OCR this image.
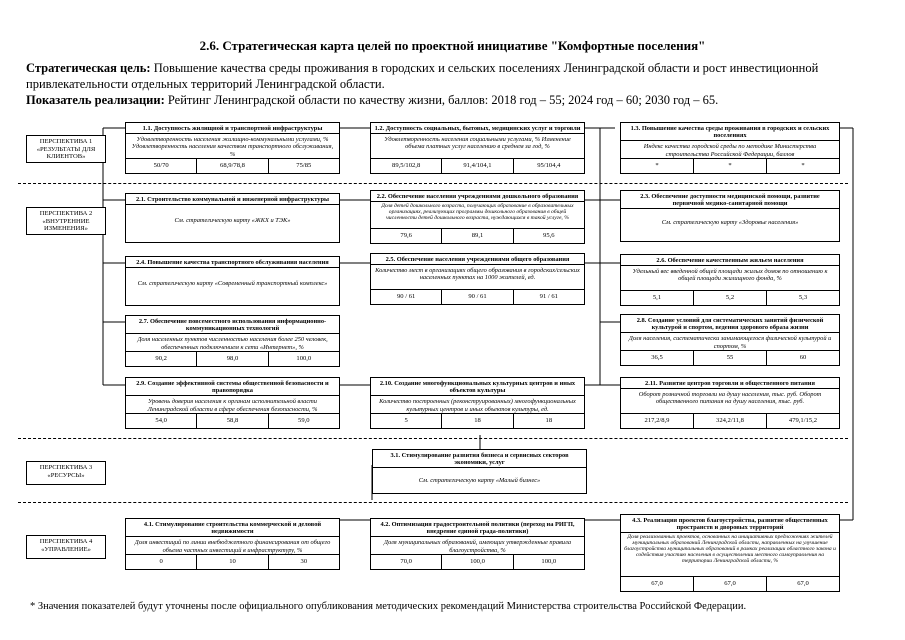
2.6. Стратегическая карта целей по проектной инициативе "Комфортные поселения"
Стратегическая цель: Повышение качества среды проживания в городских и сельских поселениях Ленинградской области и рост инвестиционной привлекательности отдельных территорий Ленинградской области.
Показатель реализации: Рейтинг Ленинградской области по качеству жизни, баллов: 2018 год – 55; 2024 год – 60; 2030 год – 65.
ПЕРСПЕКТИВА 1 «РЕЗУЛЬТАТЫ ДЛЯ КЛИЕНТОВ»
ПЕРСПЕКТИВА 2 «ВНУТРЕННИЕ ИЗМЕНЕНИЯ»
ПЕРСПЕКТИВА 3 «РЕСУРСЫ»
ПЕРСПЕКТИВА 4 «УПРАВЛЕНИЕ»
1.1. Доступность жилищной и транспортной инфраструктуры
Удовлетворенность населения жилищно-коммунальными услугами, % Удовлетворенность населения качеством транспортного обслуживания, %
50/70	68,9/78,8	75/85
1.2. Доступность социальных, бытовых, медицинских услуг и торговли
Удовлетворенность населения социальными услугами, % Изменение объема платных услуг населению в среднем за год, %
89,5/102,8	91,4/104,1	95/104,4
1.3. Повышение качества среды проживания в городских и сельских поселениях
Индекс качества городской среды по методике Министерства строительства Российской Федерации, баллов
*	*	*
2.1. Строительство коммунальной и инженерной инфраструктуры
См. стратегическую карту «ЖКХ и ТЭК»
2.2. Обеспечение населения учреждениями дошкольного образования
Доля детей дошкольного возраста, получающих образование в образовательных организациях, реализующих программы дошкольного образования в общей численности детей дошкольного возраста, нуждающихся в такой услуге, %
79,6	89,1	95,6
2.3. Обеспечение доступности медицинской помощи, развитие первичной медико-санитарной помощи
См. стратегическую карту «Здоровье населения»
2.4. Повышение качества транспортного обслуживания населения
См. стратегическую карту «Современный транспортный комплекс»
2.5. Обеспечение населения учреждениями общего образования
Количество мест в организациях общего образования в городских/сельских населенных пунктах на 1000 жителей, ед.
90 / 61	90 / 61	91 / 61
2.6. Обеспечение качественным жильем населения
Удельный вес введенной общей площади жилых домов по отношению к общей площади жилищного фонда, %
5,1	5,2	5,3
2.7. Обеспечение повсеместного использования информационно-коммуникационных технологий
Доля населенных пунктов численностью населения более 250 человек, обеспеченных подключением к сети «Интернет», %
90,2	98,0	100,0
2.8. Создание условий для систематических занятий физической культурой и спортом, ведения здорового образа жизни
Доля населения, систематически занимающегося физической культурой и спортом, %
36,5	55	60
2.9. Создание эффективной системы общественной безопасности и правопорядка
Уровень доверия населения к органам исполнительной власти Ленинградской области в сфере обеспечения безопасности, %
54,0	58,8	59,0
2.10. Создание многофункциональных культурных центров и иных объектов культуры
Количество построенных (реконструированных) многофункциональных культурных центров и иных объектов культуры, ед.
5	18	18
2.11. Развитие центров торговли и общественного питания
Оборот розничной торговли на душу населения, тыс. руб. Оборот общественного питания на душу населения, тыс. руб.
217,2/8,9	324,2/11,8	479,1/15,2
3.1. Стимулирование развития бизнеса и сервисных секторов экономики, услуг
См. стратегическую карту «Малый бизнес»
4.1. Стимулирование строительства коммерческой и деловой недвижимости
Доля инвестиций по линии внебюджетного финансирования от общего объема частных инвестиций в инфраструктуру, %
0	10	30
4.2. Оптимизация градостроительной политики (переход на РИГП, внедрение единой града-политики)
Доля муниципальных образований, имеющих утвержденные правила благоустройства, %
70,0	100,0	100,0
4.3. Реализация проектов благоустройства, развитие общественных пространств и дворовых территорий
Доля реализованных проектов, основанных на инициативных предложениях жителей муниципальных образований Ленинградской области, направленных на улучшение благоустройства муниципальных образований в рамках реализации областного закона и содействия участию населения в осуществлении местного самоуправления на территории Ленинградской области, %
67,0	67,0	67,0
* Значения показателей будут уточнены после официального опубликования методических рекомендаций Министерства строительства Российской Федерации.
